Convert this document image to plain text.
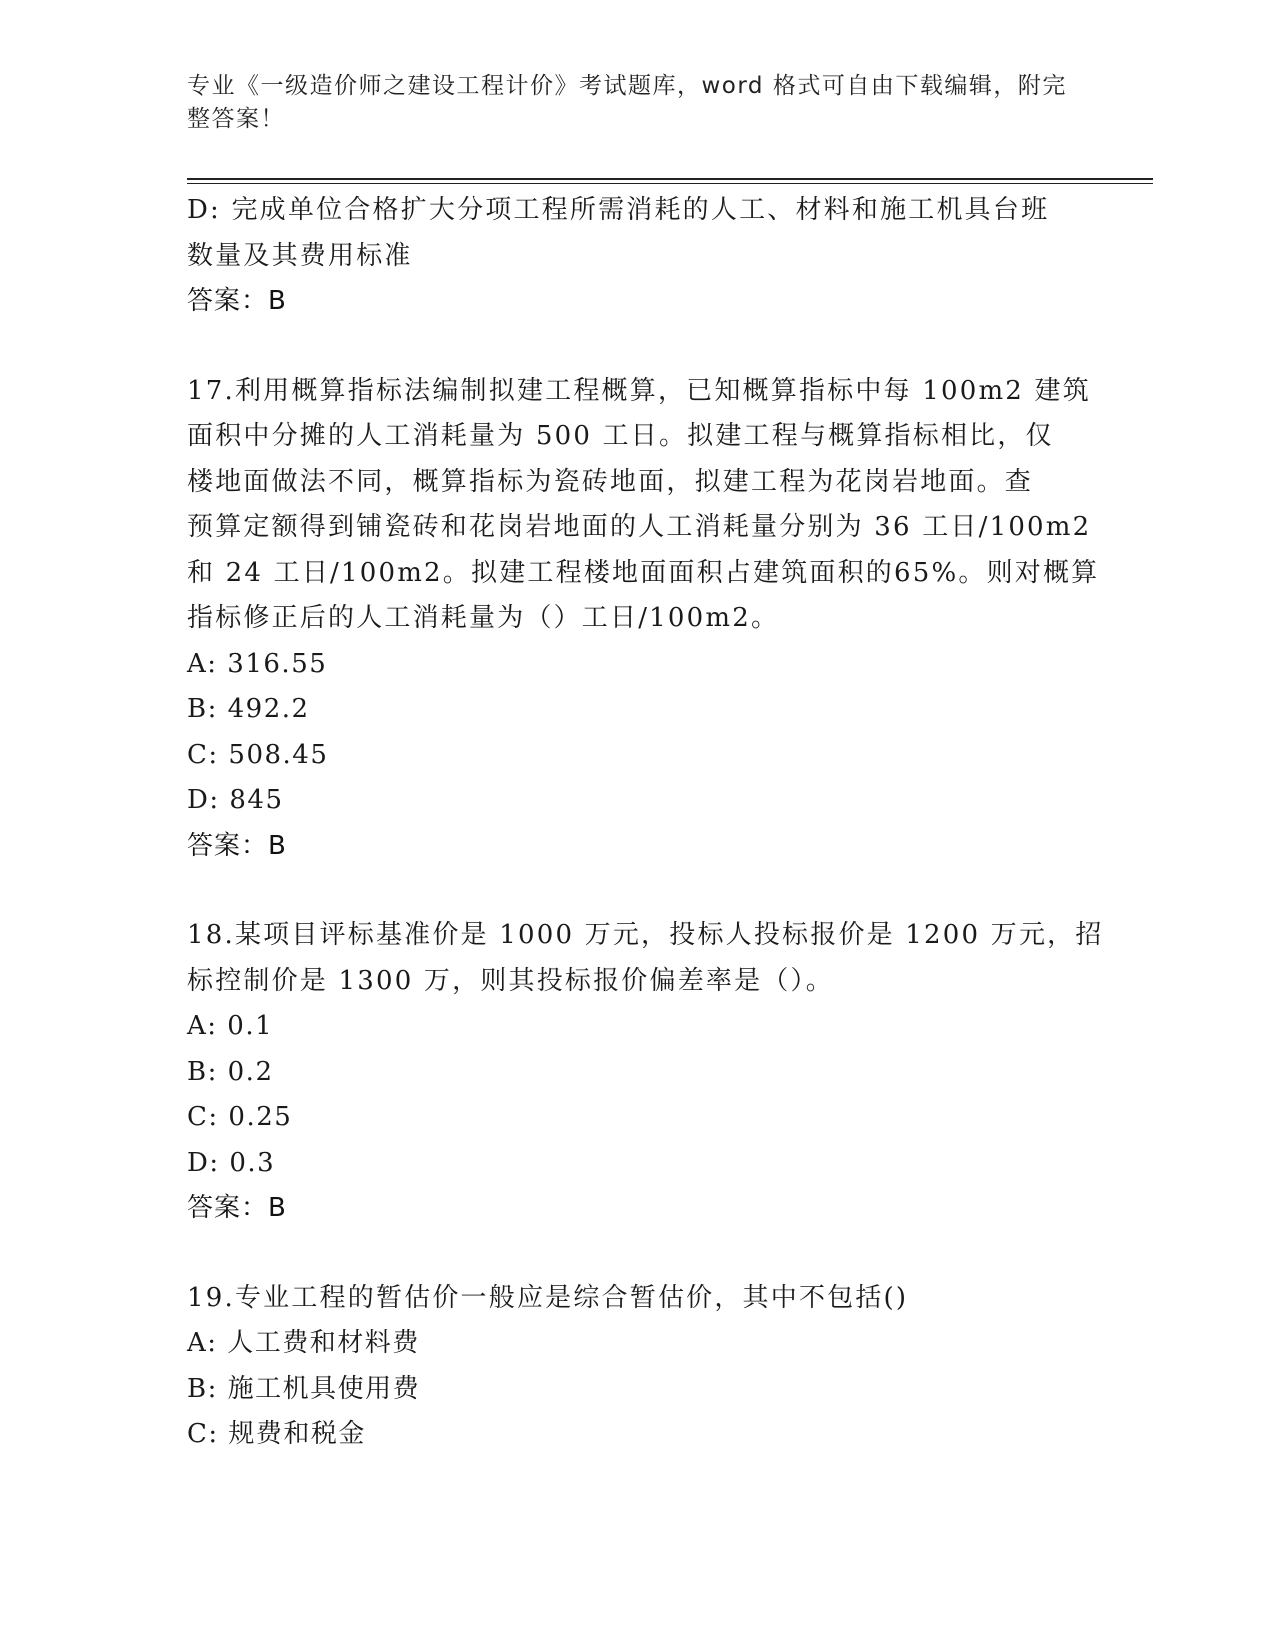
专业《一级造价师之建设工程计价》考试题库，word 格式可自由下载编辑，附完
整答案！
D: 完成单位合格扩大分项工程所需消耗的人工、材料和施工机具台班
数量及其费用标准
答案：B
17.利用概算指标法编制拟建工程概算，已知概算指标中每 100m2 建筑
面积中分摊的人工消耗量为 500 工日。拟建工程与概算指标相比，仅
楼地面做法不同，概算指标为瓷砖地面，拟建工程为花岗岩地面。查
预算定额得到铺瓷砖和花岗岩地面的人工消耗量分别为 36 工日/100m2
和 24 工日/100m2。拟建工程楼地面面积占建筑面积的65%。则对概算
指标修正后的人工消耗量为（）工日/100m2。
A: 316.55
B: 492.2
C: 508.45
D: 845
答案：B
18.某项目评标基准价是 1000 万元，投标人投标报价是 1200 万元，招
标控制价是 1300 万，则其投标报价偏差率是（）。
A: 0.1
B: 0.2
C: 0.25
D: 0.3
答案：B
19.专业工程的暂估价一般应是综合暂估价，其中不包括()
A: 人工费和材料费
B: 施工机具使用费
C: 规费和税金
